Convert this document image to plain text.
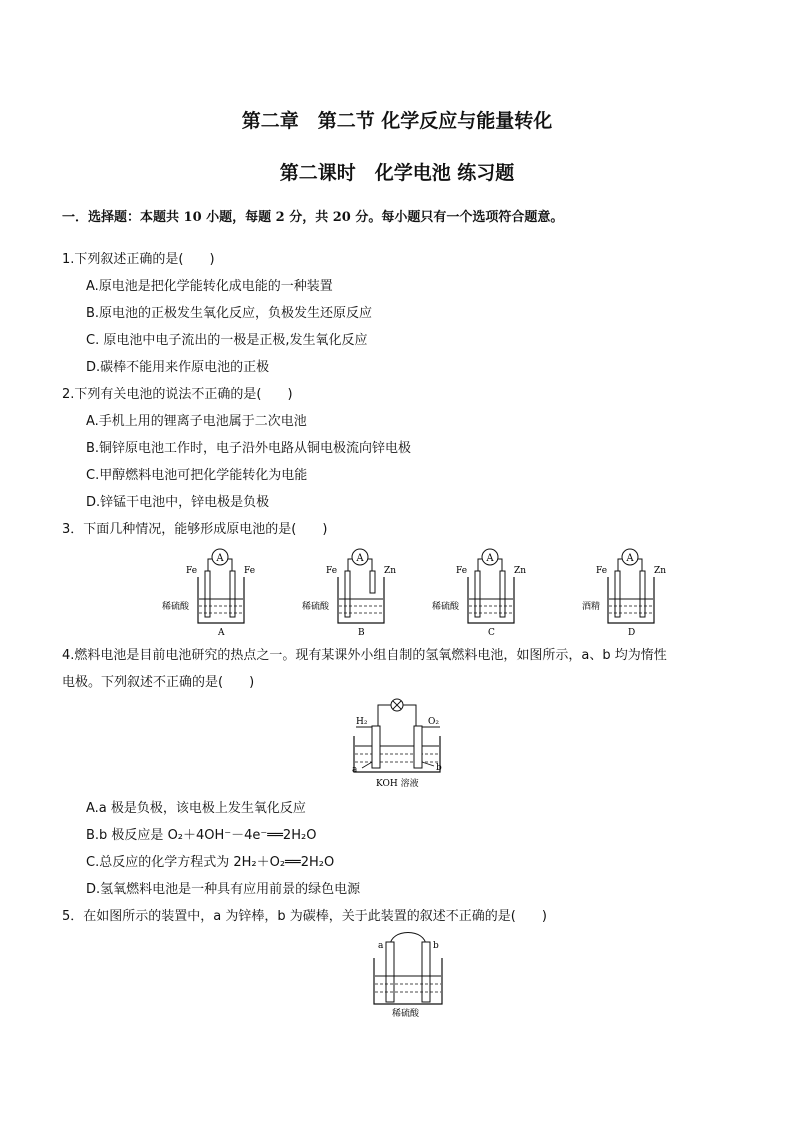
第二章　第二节 化学反应与能量转化
第二课时　化学电池 练习题
一．选择题：本题共 10 小题，每题 2 分，共 20 分。每小题只有一个选项符合题意。
1.下列叙述正确的是(　　)
A.原电池是把化学能转化成电能的一种装置
B.原电池的正极发生氧化反应，负极发生还原反应
C. 原电池中电子流出的一极是正极,发生氧化反应
D.碳棒不能用来作原电池的正极
2.下列有关电池的说法不正确的是(　　)
A.手机上用的锂离子电池属于二次电池
B.铜锌原电池工作时，电子沿外电路从铜电极流向锌电极
C.甲醇燃料电池可把化学能转化为电能
D.锌锰干电池中，锌电极是负极
3．下面几种情况，能够形成原电池的是(　　)
A
Fe	Fe
稀硫酸
A
A
Fe	Zn
稀硫酸
B
A
Fe	Zn
稀硫酸
C
A
Fe	Zn
酒精
D
4.燃料电池是目前电池研究的热点之一。现有某课外小组自制的氢氧燃料电池，如图所示，a、b 均为惰性
电极。下列叙述不正确的是(　　)
H₂	O₂
a	b
KOH 溶液
A.a 极是负极，该电极上发生氧化反应
B.b 极反应是 O₂＋4OH⁻－4e⁻══2H₂O
C.总反应的化学方程式为 2H₂＋O₂══2H₂O
D.氢氧燃料电池是一种具有应用前景的绿色电源
5．在如图所示的装置中，a 为锌棒，b 为碳棒，关于此装置的叙述不正确的是(　　)
a	b
稀硫酸
